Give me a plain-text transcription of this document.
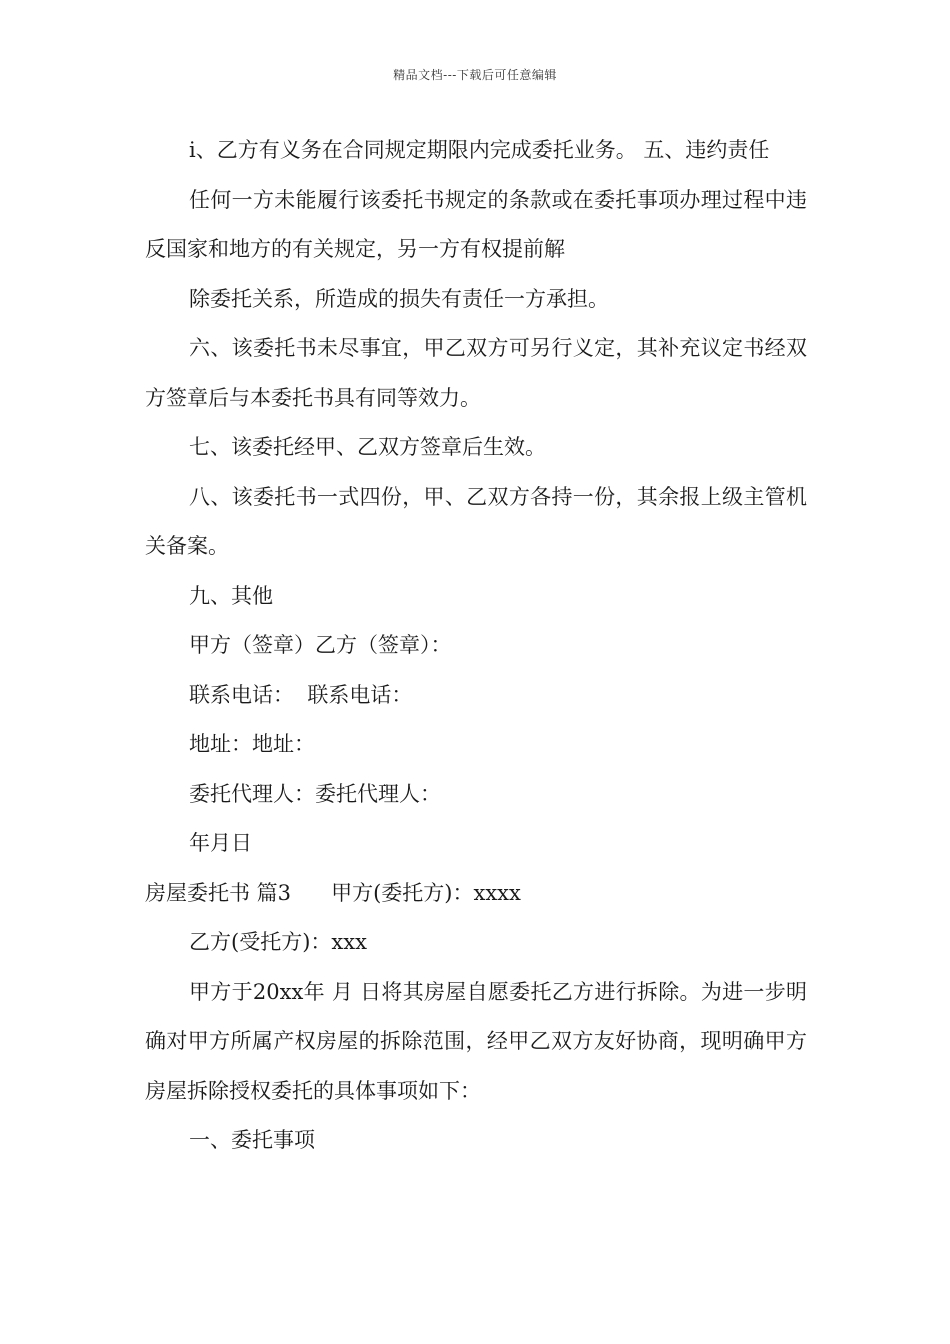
精品文档---下载后可任意编辑

i、乙方有义务在合同规定期限内完成委托业务。 五、违约责任

任何一方未能履行该委托书规定的条款或在委托事项办理过程中违反国家和地方的有关规定，另一方有权提前解

除委托关系，所造成的损失有责任一方承担。

六、该委托书未尽事宜，甲乙双方可另行义定，其补充议定书经双方签章后与本委托书具有同等效力。

七、该委托经甲、乙双方签章后生效。

八、该委托书一式四份，甲、乙双方各持一份，其余报上级主管机关备案。

九、其他

甲方（签章）乙方（签章）：

联系电话：  联系电话：

地址：地址：

委托代理人：委托代理人：

年月日

房屋委托书 篇3      甲方(委托方)：xxxx

乙方(受托方)：xxx

甲方于20xx年 月 日将其房屋自愿委托乙方进行拆除。为进一步明确对甲方所属产权房屋的拆除范围，经甲乙双方友好协商，现明确甲方房屋拆除授权委托的具体事项如下：

一、委托事项
